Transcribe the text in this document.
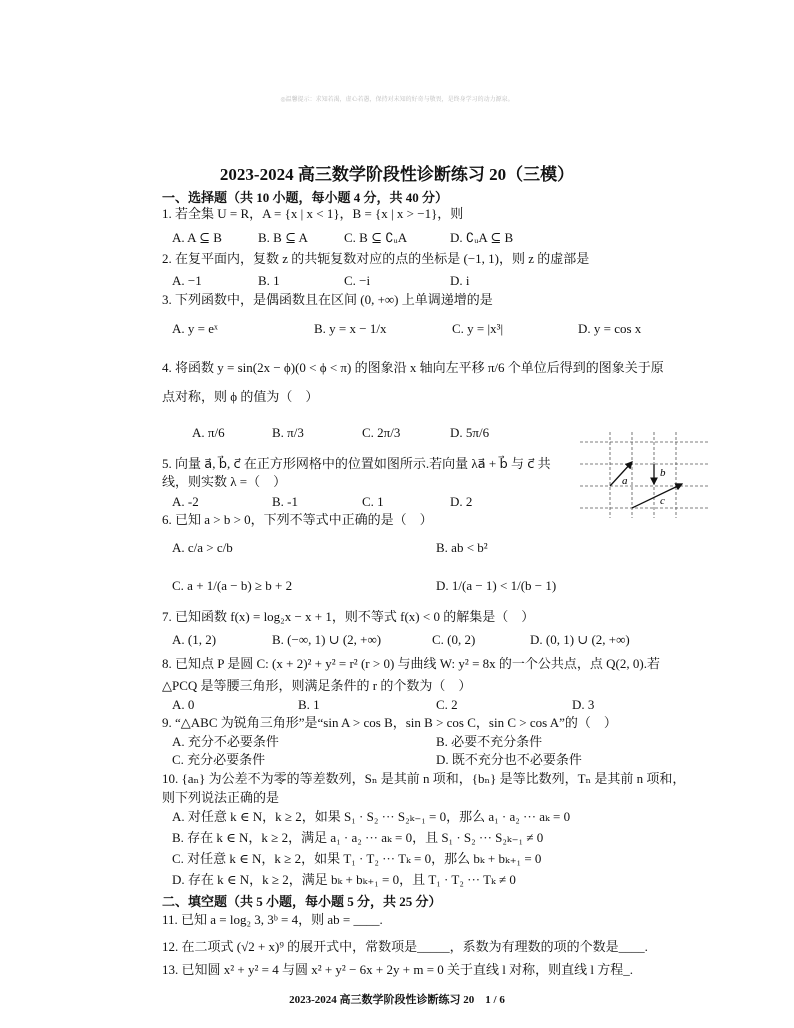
◎温馨提示：求知若渴，虚心若愚，保持对未知的好奇与敬畏，是终身学习的动力源泉。
2023-2024 高三数学阶段性诊断练习 20（三模）
一、选择题（共 10 小题，每小题 4 分，共 40 分）
1. 若全集 U = R，A = {x | x < 1}，B = {x | x > −1}，则
A. A ⊆ B	B. B ⊆ A	C. B ⊆ ∁ᵤA	D. ∁ᵤA ⊆ B
2. 在复平面内，复数 z 的共轭复数对应的点的坐标是 (−1, 1)，则 z 的虚部是
A. −1	B. 1	C. −i	D. i
3. 下列函数中，是偶函数且在区间 (0, +∞) 上单调递增的是
A. y = eˣ	B. y = x − 1/x	C. y = |x³|	D. y = cos x
4. 将函数 y = sin(2x − ϕ)(0 < ϕ < π) 的图象沿 x 轴向左平移 π/6 个单位后得到的图象关于原
点对称，则 ϕ 的值为（　）
A. π/6	B. π/3	C. 2π/3	D. 5π/6
5. 向量 a⃗, b⃗, c⃗ 在正方形网格中的位置如图所示.若向量 λa⃗ + b⃗ 与 c⃗ 共
线，则实数 λ =（　）
A. -2	B. -1	C. 1	D. 2
a
b
c
6. 已知 a > b > 0，下列不等式中正确的是（　）
A. c/a > c/b	B. ab < b²
C. a + 1/(a − b) ≥ b + 2	D. 1/(a − 1) < 1/(b − 1)
7. 已知函数 f(x) = log₂x − x + 1，则不等式 f(x) < 0 的解集是（　）
A. (1, 2)	B. (−∞, 1) ∪ (2, +∞)	C. (0, 2)	D. (0, 1) ∪ (2, +∞)
8. 已知点 P 是圆 C: (x + 2)² + y² = r² (r > 0) 与曲线 W: y² = 8x 的一个公共点，点 Q(2, 0).若
△PCQ 是等腰三角形，则满足条件的 r 的个数为（　）
A. 0	B. 1	C. 2	D. 3
9. “△ABC 为锐角三角形”是“sin A > cos B，sin B > cos C，sin C > cos A”的（　）
A. 充分不必要条件	B. 必要不充分条件
C. 充分必要条件	D. 既不充分也不必要条件
10. {aₙ} 为公差不为零的等差数列，Sₙ 是其前 n 项和，{bₙ} 是等比数列，Tₙ 是其前 n 项和，
则下列说法正确的是
A. 对任意 k ∈ N，k ≥ 2，如果 S₁ · S₂ ··· S₂ₖ₋₁ = 0，那么 a₁ · a₂ ··· aₖ = 0
B. 存在 k ∈ N，k ≥ 2，满足 a₁ · a₂ ··· aₖ = 0，且 S₁ · S₂ ··· S₂ₖ₋₁ ≠ 0
C. 对任意 k ∈ N，k ≥ 2，如果 T₁ · T₂ ··· Tₖ = 0，那么 bₖ + bₖ₊₁ = 0
D. 存在 k ∈ N，k ≥ 2，满足 bₖ + bₖ₊₁ = 0，且 T₁ · T₂ ··· Tₖ ≠ 0
二、填空题（共 5 小题，每小题 5 分，共 25 分）
11. 已知 a = log₂ 3, 3ᵇ = 4，则 ab = ____.
12. 在二项式 (√2 + x)⁹ 的展开式中，常数项是_____，系数为有理数的项的个数是____.
13. 已知圆 x² + y² = 4 与圆 x² + y² − 6x + 2y + m = 0 关于直线 l 对称，则直线 l 方程_.
2023-2024 高三数学阶段性诊断练习 20　1 / 6
